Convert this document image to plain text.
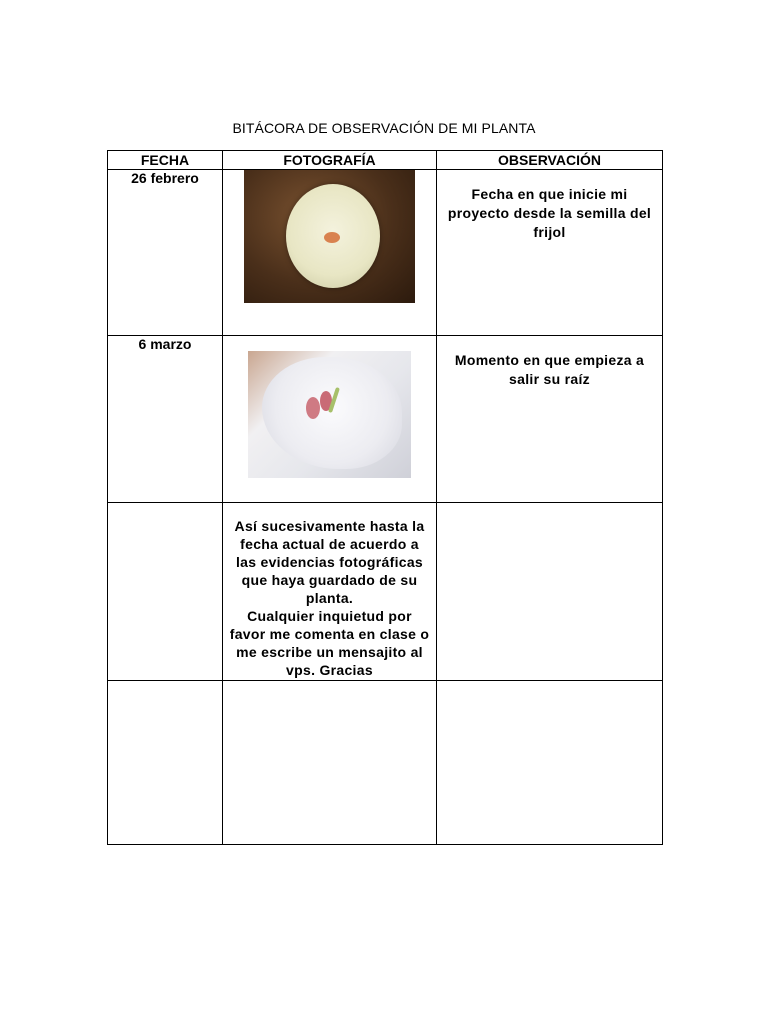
BITÁCORA DE OBSERVACIÓN DE MI PLANTA
FECHA	FOTOGRAFÍA	OBSERVACIÓN
26 febrero		Fecha en que inicie mi proyecto desde la semilla del frijol

6 marzo		Momento en que empieza a salir su raíz

	Así sucesivamente hasta la fecha actual de acuerdo a las evidencias fotográficas que haya guardado de su planta.
Cualquier inquietud por favor me comenta en clase o me escribe un mensajito al vps. Gracias	
